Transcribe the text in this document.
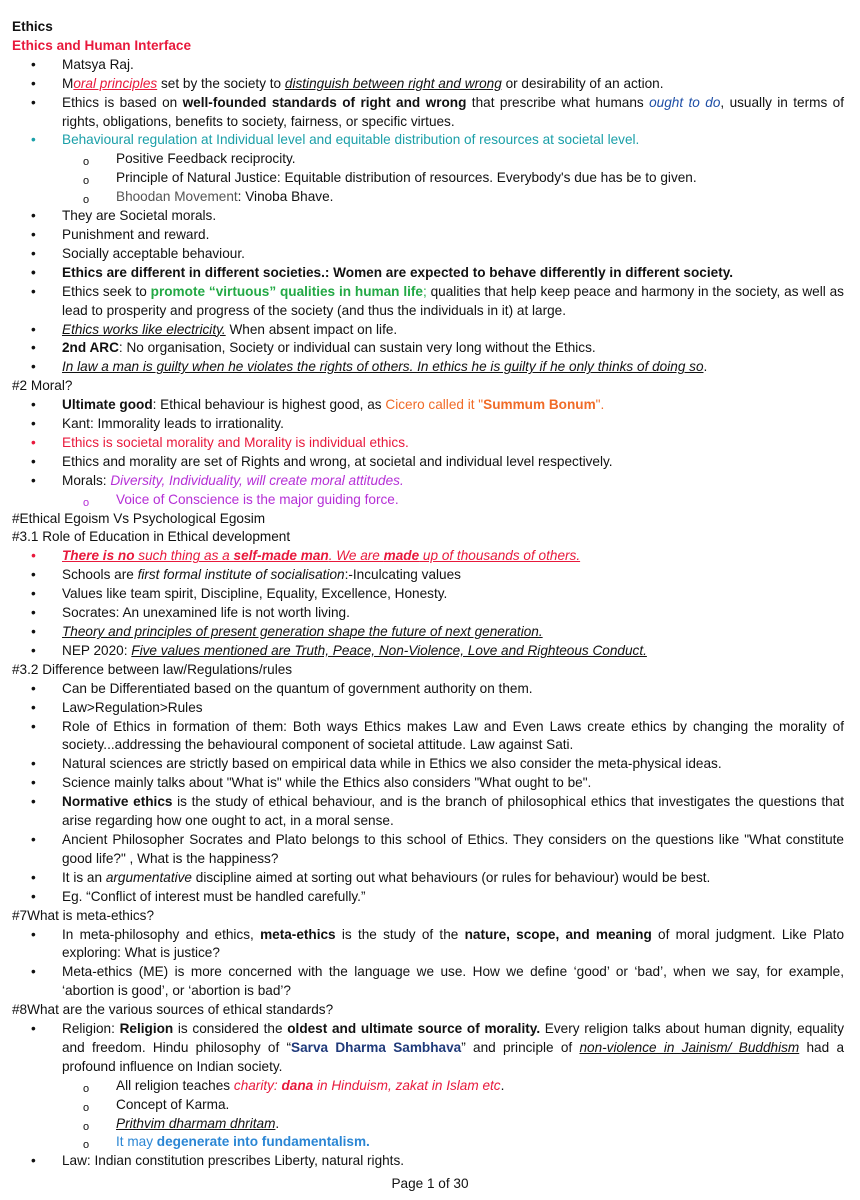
Ethics
Ethics and Human Interface
• Matsya Raj.
• Moral principles set by the society to distinguish between right and wrong or desirability of an action.
• Ethics is based on well-founded standards of right and wrong that prescribe what humans ought to do, usually in terms of rights, obligations, benefits to society, fairness, or specific virtues.
• Behavioural regulation at Individual level and equitable distribution of resources at societal level.
o Positive Feedback reciprocity.
o Principle of Natural Justice: Equitable distribution of resources. Everybody's due has be to given.
o Bhoodan Movement: Vinoba Bhave.
• They are Societal morals.
• Punishment and reward.
• Socially acceptable behaviour.
• Ethics are different in different societies.: Women are expected to behave differently in different society.
• Ethics seek to promote “virtuous” qualities in human life; qualities that help keep peace and harmony in the society, as well as lead to prosperity and progress of the society (and thus the individuals in it) at large.
• Ethics works like electricity. When absent impact on life.
• 2nd ARC: No organisation, Society or individual can sustain very long without the Ethics.
• In law a man is guilty when he violates the rights of others. In ethics he is guilty if he only thinks of doing so.
#2 Moral?
• Ultimate good: Ethical behaviour is highest good, as Cicero called it "Summum Bonum".
• Kant: Immorality leads to irrationality.
• Ethics is societal morality and Morality is individual ethics.
• Ethics and morality are set of Rights and wrong, at societal and individual level respectively.
• Morals: Diversity, Individuality, will create moral attitudes.
o Voice of Conscience is the major guiding force.
#Ethical Egoism Vs Psychological Egosim
#3.1 Role of Education in Ethical development
• There is no such thing as a self-made man. We are made up of thousands of others.
• Schools are first formal institute of socialisation:-Inculcating values
• Values like team spirit, Discipline, Equality, Excellence, Honesty.
• Socrates: An unexamined life is not worth living.
• Theory and principles of present generation shape the future of next generation.
• NEP 2020: Five values mentioned are Truth, Peace, Non-Violence, Love and Righteous Conduct.
#3.2 Difference between law/Regulations/rules
• Can be Differentiated based on the quantum of government authority on them.
• Law>Regulation>Rules
• Role of Ethics in formation of them: Both ways Ethics makes Law and Even Laws create ethics by changing the morality of society...addressing the behavioural component of societal attitude. Law against Sati.
• Natural sciences are strictly based on empirical data while in Ethics we also consider the meta-physical ideas.
• Science mainly talks about "What is" while the Ethics also considers "What ought to be".
• Normative ethics is the study of ethical behaviour, and is the branch of philosophical ethics that investigates the questions that arise regarding how one ought to act, in a moral sense.
• Ancient Philosopher Socrates and Plato belongs to this school of Ethics. They considers on the questions like "What constitute good life?" , What is the happiness?
• It is an argumentative discipline aimed at sorting out what behaviours (or rules for behaviour) would be best.
• Eg. “Conflict of interest must be handled carefully.”
#7What is meta-ethics?
• In meta-philosophy and ethics, meta-ethics is the study of the nature, scope, and meaning of moral judgment. Like Plato exploring: What is justice?
• Meta-ethics (ME) is more concerned with the language we use. How we define ‘good’ or ‘bad’, when we say, for example, ‘abortion is good’, or ‘abortion is bad’?
#8What are the various sources of ethical standards?
• Religion: Religion is considered the oldest and ultimate source of morality. Every religion talks about human dignity, equality and freedom. Hindu philosophy of “Sarva Dharma Sambhava” and principle of non-violence in Jainism/ Buddhism had a profound influence on Indian society.
o All religion teaches charity: dana in Hinduism, zakat in Islam etc.
o Concept of Karma.
o Prithvim dharmam dhritam.
o It may degenerate into fundamentalism.
• Law: Indian constitution prescribes Liberty, natural rights.
Page 1 of 30
